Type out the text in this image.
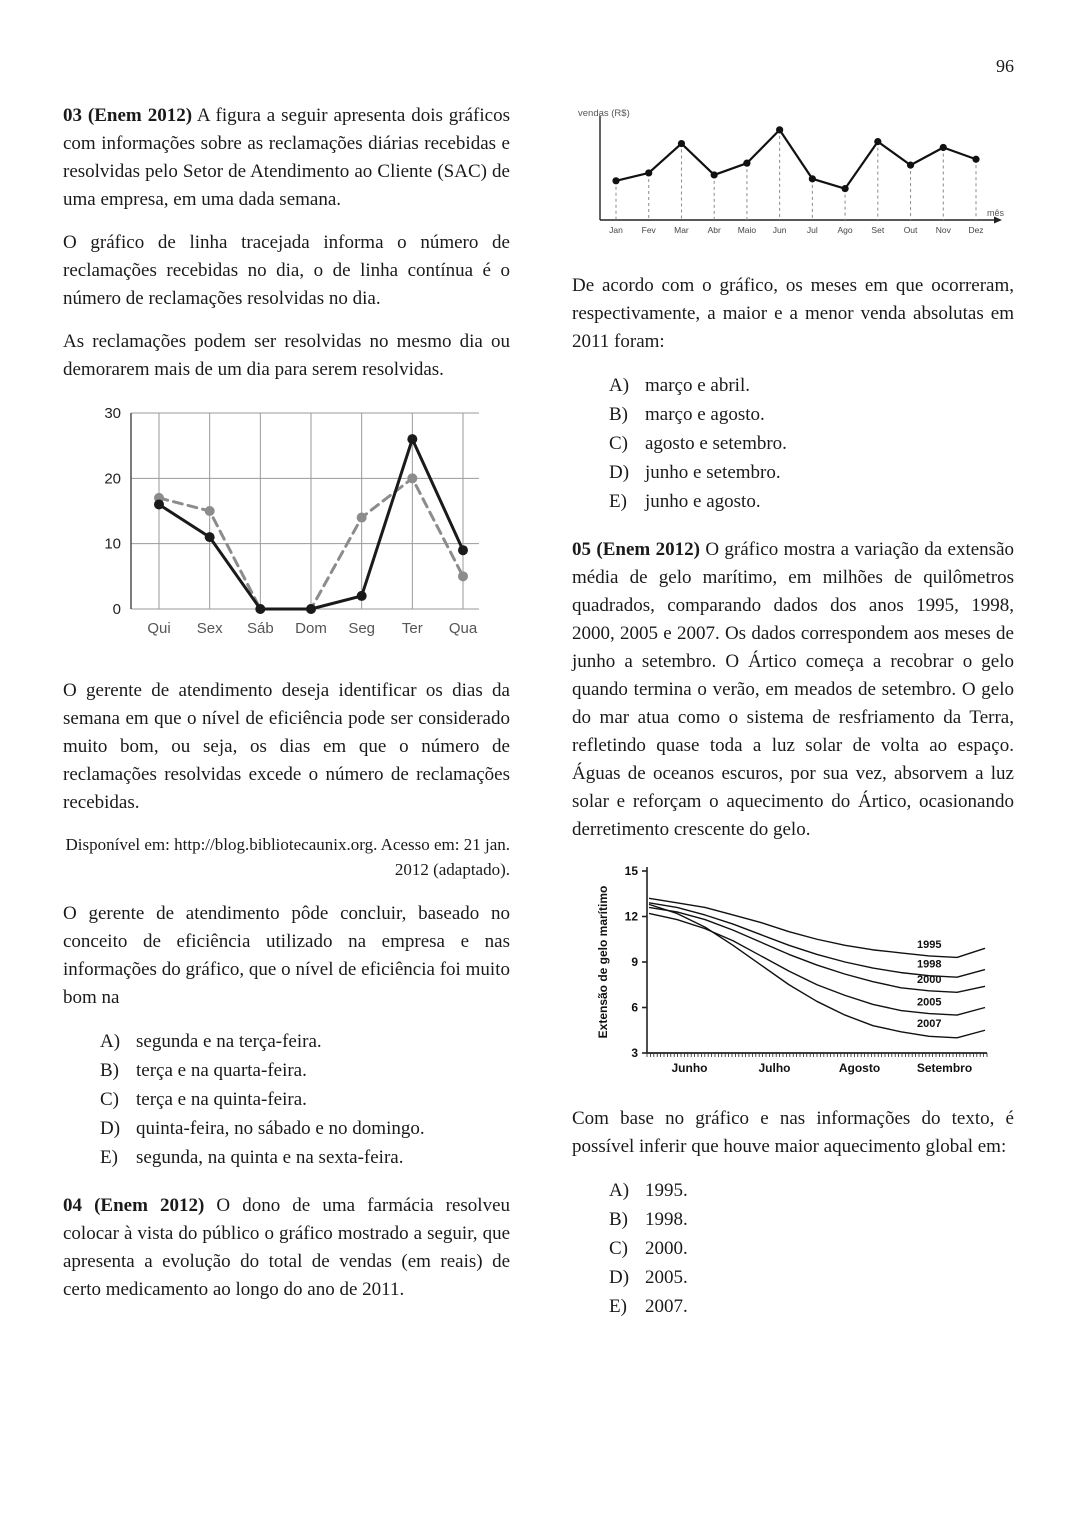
96

03 (Enem 2012) A figura a seguir apresenta dois gráficos com informações sobre as reclamações diárias recebidas e resolvidas pelo Setor de Atendimento ao Cliente (SAC) de uma empresa, em uma dada semana.

O gráfico de linha tracejada informa o número de reclamações recebidas no dia, o de linha contínua é o número de reclamações resolvidas no dia.

As reclamações podem ser resolvidas no mesmo dia ou demorarem mais de um dia para serem resolvidas.

0
10
20
30
Qui Sex Sáb Dom Seg Ter Qua

O gerente de atendimento deseja identificar os dias da semana em que o nível de eficiência pode ser considerado muito bom, ou seja, os dias em que o número de reclamações resolvidas excede o número de reclamações recebidas.

Disponível em: http://blog.bibliotecaunix.org. Acesso em: 21 jan. 2012 (adaptado).

O gerente de atendimento pôde concluir, baseado no conceito de eficiência utilizado na empresa e nas informações do gráfico, que o nível de eficiência foi muito bom na

A) segunda e na terça-feira.
B) terça e na quarta-feira.
C) terça e na quinta-feira.
D) quinta-feira, no sábado e no domingo.
E) segunda, na quinta e na sexta-feira.

04 (Enem 2012) O dono de uma farmácia resolveu colocar à vista do público o gráfico mostrado a seguir, que apresenta a evolução do total de vendas (em reais) de certo medicamento ao longo do ano de 2011.

vendas (R$)
mês
Jan Fev Mar Abr Maio Jun Jul Ago Set Out Nov Dez

De acordo com o gráfico, os meses em que ocorreram, respectivamente, a maior e a menor venda absolutas em 2011 foram:

A) março e abril.
B) março e agosto.
C) agosto e setembro.
D) junho e setembro.
E) junho e agosto.

05 (Enem 2012) O gráfico mostra a variação da extensão média de gelo marítimo, em milhões de quilômetros quadrados, comparando dados dos anos 1995, 1998, 2000, 2005 e 2007. Os dados correspondem aos meses de junho a setembro. O Ártico começa a recobrar o gelo quando termina o verão, em meados de setembro. O gelo do mar atua como o sistema de resfriamento da Terra, refletindo quase toda a luz solar de volta ao espaço. Águas de oceanos escuros, por sua vez, absorvem a luz solar e reforçam o aquecimento do Ártico, ocasionando derretimento crescente do gelo.

3
6
9
12
15
Junho	Julho	Agosto	Setembro
Extensão de gelo marítimo	1995
1998
2000
2005
2007

Com base no gráfico e nas informações do texto, é possível inferir que houve maior aquecimento global em:

A) 1995.
B) 1998.
C) 2000.
D) 2005.
E) 2007.
